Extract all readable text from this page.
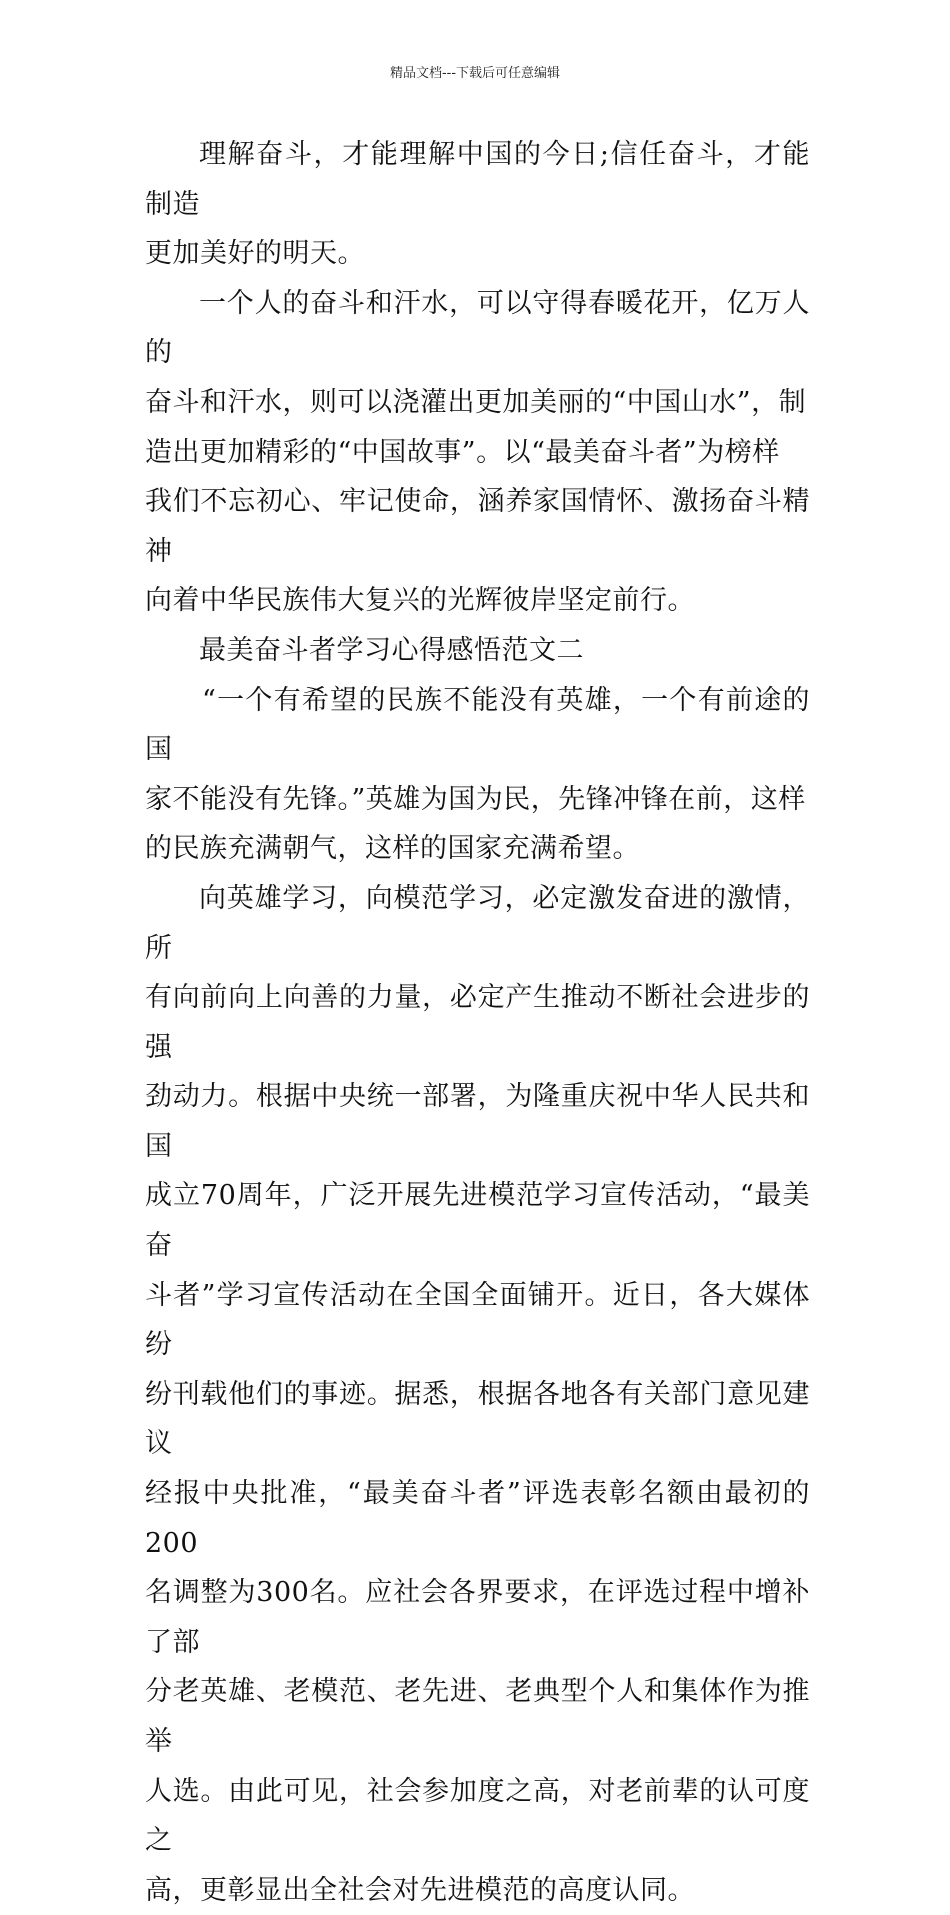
精品文档---下载后可任意编辑
理解奋斗，才能理解中国的今日;信任奋斗，才能制造
更加美好的明天。
一个人的奋斗和汗水，可以守得春暖花开，亿万人的
奋斗和汗水，则可以浇灌出更加美丽的“中国山水”，制
造出更加精彩的“中国故事”。以“最美奋斗者”为榜样
我们不忘初心、牢记使命，涵养家国情怀、激扬奋斗精神
向着中华民族伟大复兴的光辉彼岸坚定前行。
最美奋斗者学习心得感悟范文二
“一个有希望的民族不能没有英雄，一个有前途的国
家不能没有先锋。”英雄为国为民，先锋冲锋在前，这样
的民族充满朝气，这样的国家充满希望。
向英雄学习，向模范学习，必定激发奋进的激情，所
有向前向上向善的力量，必定产生推动不断社会进步的强
劲动力。根据中央统一部署，为隆重庆祝中华人民共和国
成立70周年，广泛开展先进模范学习宣传活动，“最美奋
斗者”学习宣传活动在全国全面铺开。近日，各大媒体纷
纷刊载他们的事迹。据悉，根据各地各有关部门意见建议
经报中央批准，“最美奋斗者”评选表彰名额由最初的200
名调整为300名。应社会各界要求，在评选过程中增补了部
分老英雄、老模范、老先进、老典型个人和集体作为推举
人选。由此可见，社会参加度之高，对老前辈的认可度之
高，更彰显出全社会对先进模范的高度认同。
